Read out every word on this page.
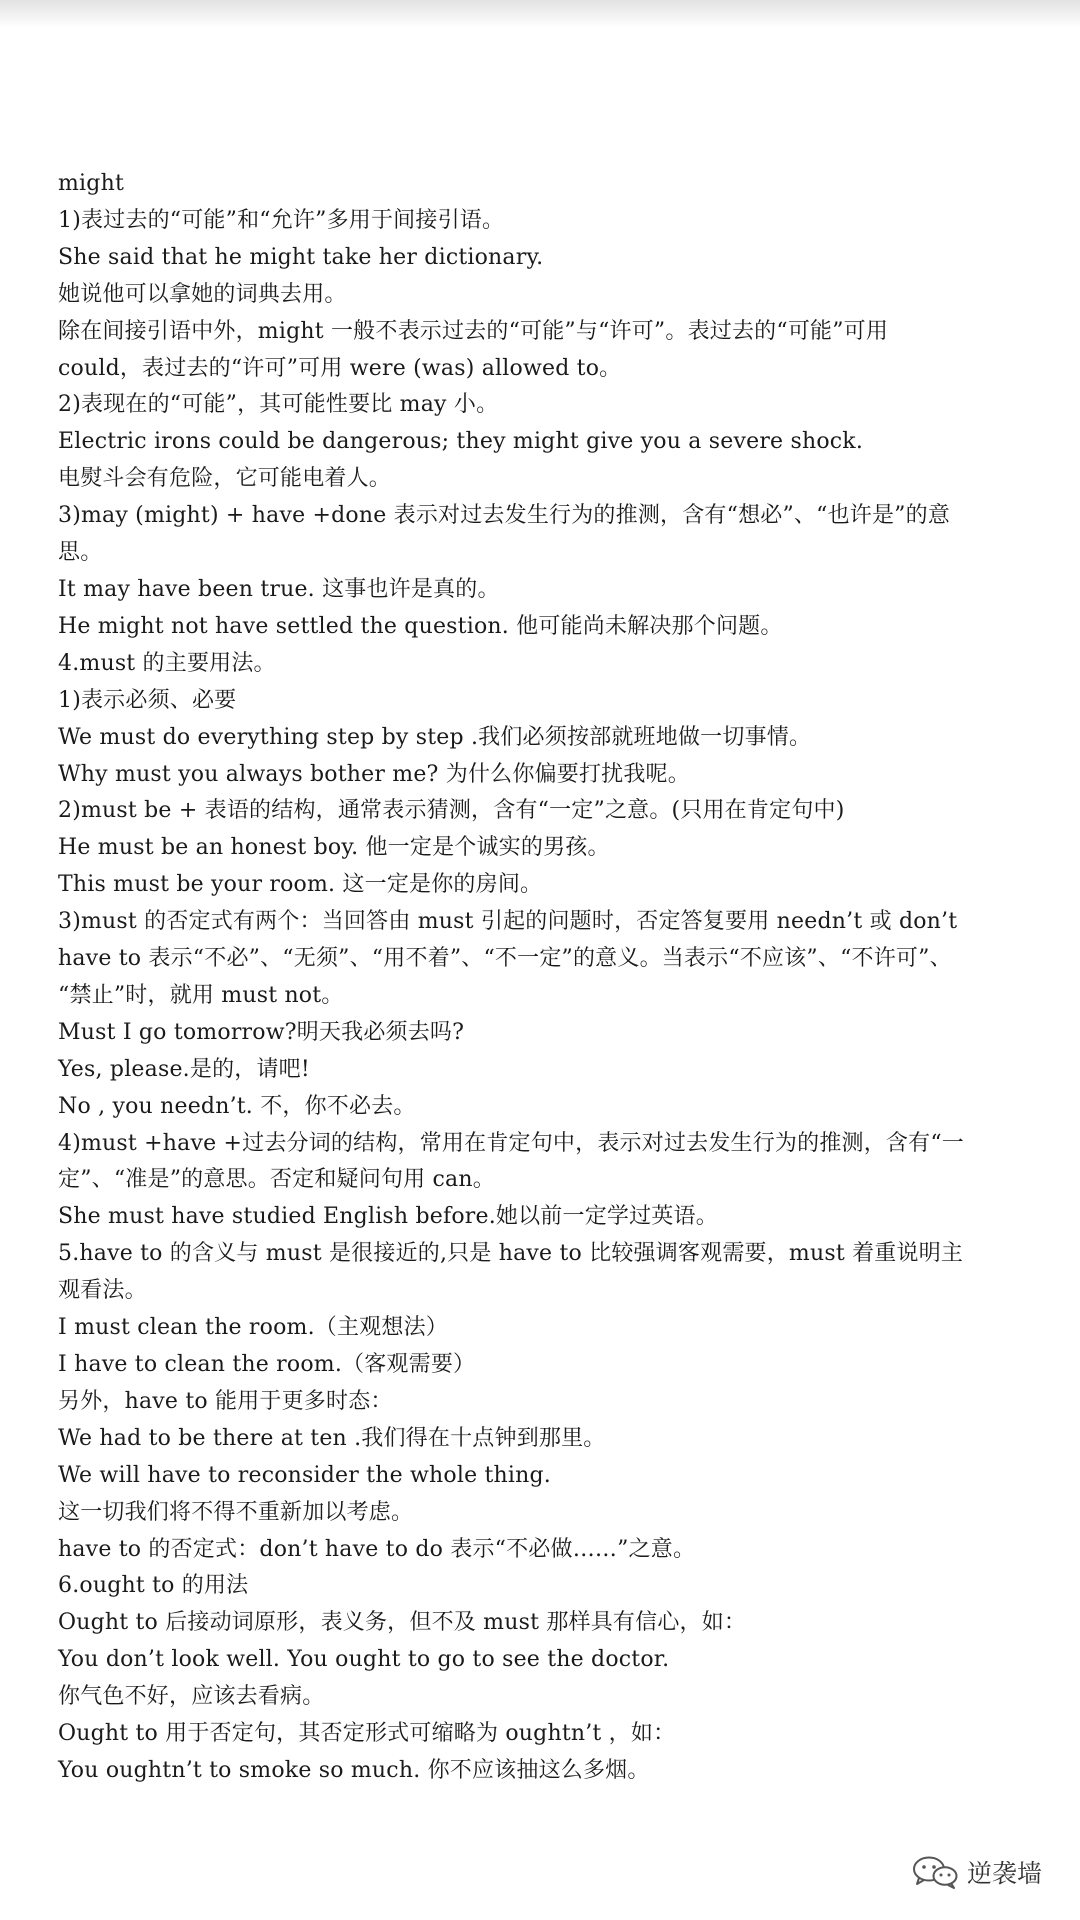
might
1)表过去的“可能”和“允许”多用于间接引语。
She said that he might take her dictionary.
她说他可以拿她的词典去用。
除在间接引语中外，might 一般不表示过去的“可能”与“许可”。表过去的“可能”可用
could，表过去的“许可”可用 were (was) allowed to。
2)表现在的“可能”，其可能性要比 may 小。
Electric irons could be dangerous; they might give you a severe shock.
电熨斗会有危险，它可能电着人。
3)may (might) + have +done 表示对过去发生行为的推测，含有“想必”、“也许是”的意
思。
It may have been true. 这事也许是真的。
He might not have settled the question. 他可能尚未解决那个问题。
4.must 的主要用法。
1)表示必须、必要
We must do everything step by step .我们必须按部就班地做一切事情。
Why must you always bother me? 为什么你偏要打扰我呢。
2)must be + 表语的结构，通常表示猜测，含有“一定”之意。(只用在肯定句中)
He must be an honest boy. 他一定是个诚实的男孩。
This must be your room. 这一定是你的房间。
3)must 的否定式有两个：当回答由 must 引起的问题时，否定答复要用 needn’t 或 don’t
have to 表示“不必”、“无须”、“用不着”、“不一定”的意义。当表示“不应该”、“不许可”、
“禁止”时，就用 must not。
Must I go tomorrow?明天我必须去吗?
Yes, please.是的，请吧!
No , you needn’t. 不，你不必去。
4)must +have +过去分词的结构，常用在肯定句中，表示对过去发生行为的推测，含有“一
定”、“准是”的意思。否定和疑问句用 can。
She must have studied English before.她以前一定学过英语。
5.have to 的含义与 must 是很接近的,只是 have to 比较强调客观需要，must 着重说明主
观看法。
I must clean the room.（主观想法）
I have to clean the room.（客观需要）
另外，have to 能用于更多时态：
We had to be there at ten .我们得在十点钟到那里。
We will have to reconsider the whole thing.
这一切我们将不得不重新加以考虑。
have to 的否定式：don’t have to do 表示“不必做……”之意。
6.ought to 的用法
Ought to 后接动词原形，表义务，但不及 must 那样具有信心，如：
You don’t look well. You ought to go to see the doctor.
你气色不好，应该去看病。
Ought to 用于否定句，其否定形式可缩略为 oughtn’t ，如：
You oughtn’t to smoke so much. 你不应该抽这么多烟。
逆袭墙
